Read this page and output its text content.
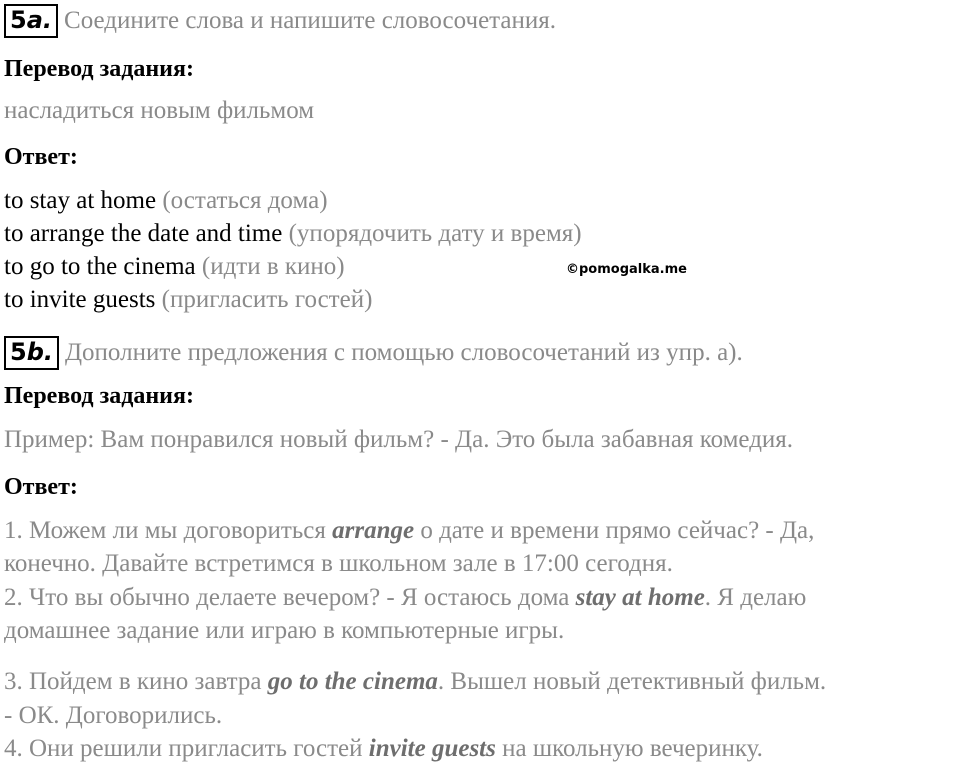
5a. Соедините слова и напишите словосочетания.
Перевод задания:
насладиться новым фильмом
Ответ:
to stay at home (остаться дома)
to arrange the date and time (упорядочить дату и время)
to go to the cinema (идти в кино)
to invite guests (пригласить гостей)
5b. Дополните предложения с помощью словосочетаний из упр. а).
Перевод задания:
Пример: Вам понравился новый фильм? - Да. Это была забавная комедия.
Ответ:
1. Можем ли мы договориться arrange о дате и времени прямо сейчас? - Да,
конечно. Давайте встретимся в школьном зале в 17:00 сегодня.
2. Что вы обычно делаете вечером? - Я остаюсь дома stay at home. Я делаю
домашнее задание или играю в компьютерные игры.
3. Пойдем в кино завтра go to the cinema. Вышел новый детективный фильм.
- ОК. Договорились.
4. Они решили пригласить гостей invite guests на школьную вечеринку.
©pomogalka.me
